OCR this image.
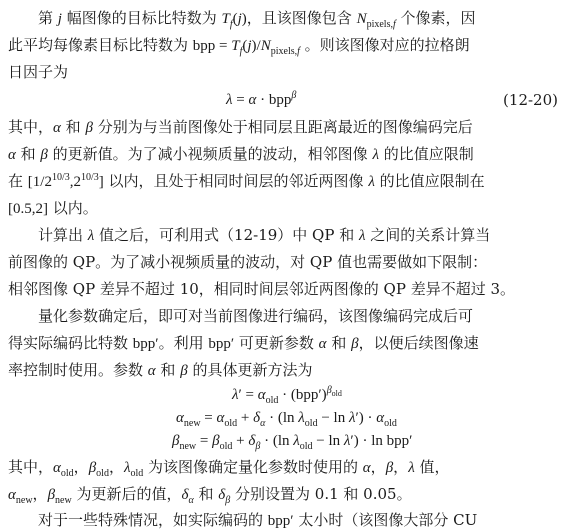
第 j 幅图像的目标比特数为 $T_f(j)$，且该图像包含 $N_{pixels,f}$ 个像素，因
此平均每像素目标比特数为 bpp = $T_f(j)/N_{pixels,f}$ 。则该图像对应的拉格朗
日因子为
λ = α · bpp$^\beta$	(12-20)
其中，α 和 β 分别为与当前图像处于相同层且距离最近的图像编码完后
α 和 β 的更新值。为了减小视频质量的波动，相邻图像 λ 的比值应限制
在 $[1/2^{10/3},2^{10/3}]$ 以内，且处于相同时间层的邻近两图像 λ 的比值应限制在
[0.5,2] 以内。
计算出 λ 值之后，可利用式（12-19）中 QP 和 λ 之间的关系计算当
前图像的 QP。为了减小视频质量的波动，对 QP 值也需要做如下限制：
相邻图像 QP 差异不超过 10，相同时间层邻近两图像的 QP 差异不超过 3。
量化参数确定后，即可对当前图像进行编码，该图像编码完成后可
得实际编码比特数 bpp′。利用 bpp′ 可更新参数 α 和 β，以便后续图像速
率控制时使用。参数 α 和 β 的具体更新方法为
$\lambda' = \alpha_{old} \cdot (bpp')^{\beta_{old}}$
$\alpha_{new} = \alpha_{old} + \delta_\alpha \cdot (\ln$ $\lambda_{old} - \ln \lambda') \cdot \alpha_{old}$
$\beta_{new} = \beta_{old} + \delta_\beta \cdot (\ln$ $\lambda_{old} - \ln \lambda') \cdot \ln bpp'$
其中，$\alpha_{old}$，$\beta_{old}$，$\lambda_{old}$ 为该图像确定量化参数时使用的 α，β，λ 值，
$\alpha_{new}$，$\beta_{new}$ 为更新后的值，$\delta_\alpha$ 和 $\delta_\beta$ 分别设置为 0.1 和 0.05。
对于一些特殊情况，如实际编码的 bpp′ 太小时（该图像大部分 CU
